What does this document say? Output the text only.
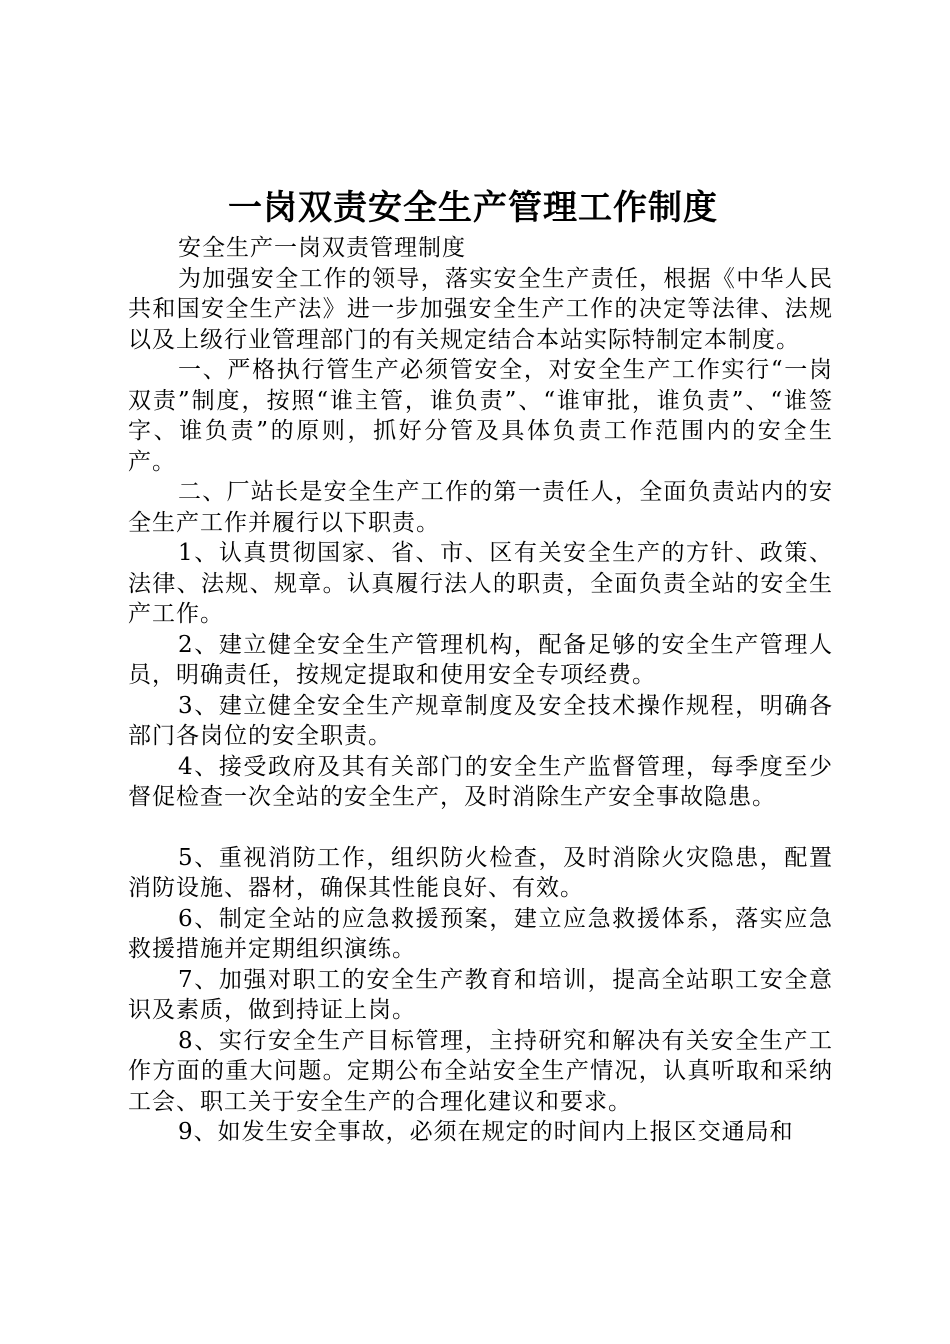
一岗双责安全生产管理工作制度

安全生产一岗双责管理制度

为加强安全工作的领导，落实安全生产责任，根据《中华人民共和国安全生产法》进一步加强安全生产工作的决定等法律、法规以及上级行业管理部门的有关规定结合本站实际特制定本制度。

一、严格执行管生产必须管安全，对安全生产工作实行“一岗双责”制度，按照“谁主管，谁负责”、“谁审批，谁负责”、“谁签字、谁负责”的原则，抓好分管及具体负责工作范围内的安全生产。

二、厂站长是安全生产工作的第一责任人，全面负责站内的安全生产工作并履行以下职责。

1、认真贯彻国家、省、市、区有关安全生产的方针、政策、法律、法规、规章。认真履行法人的职责，全面负责全站的安全生产工作。

2、建立健全安全生产管理机构，配备足够的安全生产管理人员，明确责任，按规定提取和使用安全专项经费。

3、建立健全安全生产规章制度及安全技术操作规程，明确各部门各岗位的安全职责。

4、接受政府及其有关部门的安全生产监督管理，每季度至少督促检查一次全站的安全生产，及时消除生产安全事故隐患。

5、重视消防工作，组织防火检查，及时消除火灾隐患，配置消防设施、器材，确保其性能良好、有效。

6、制定全站的应急救援预案，建立应急救援体系，落实应急救援措施并定期组织演练。

7、加强对职工的安全生产教育和培训，提高全站职工安全意识及素质，做到持证上岗。

8、实行安全生产目标管理，主持研究和解决有关安全生产工作方面的重大问题。定期公布全站安全生产情况，认真听取和采纳工会、职工关于安全生产的合理化建议和要求。

9、如发生安全事故，必须在规定的时间内上报区交通局和
